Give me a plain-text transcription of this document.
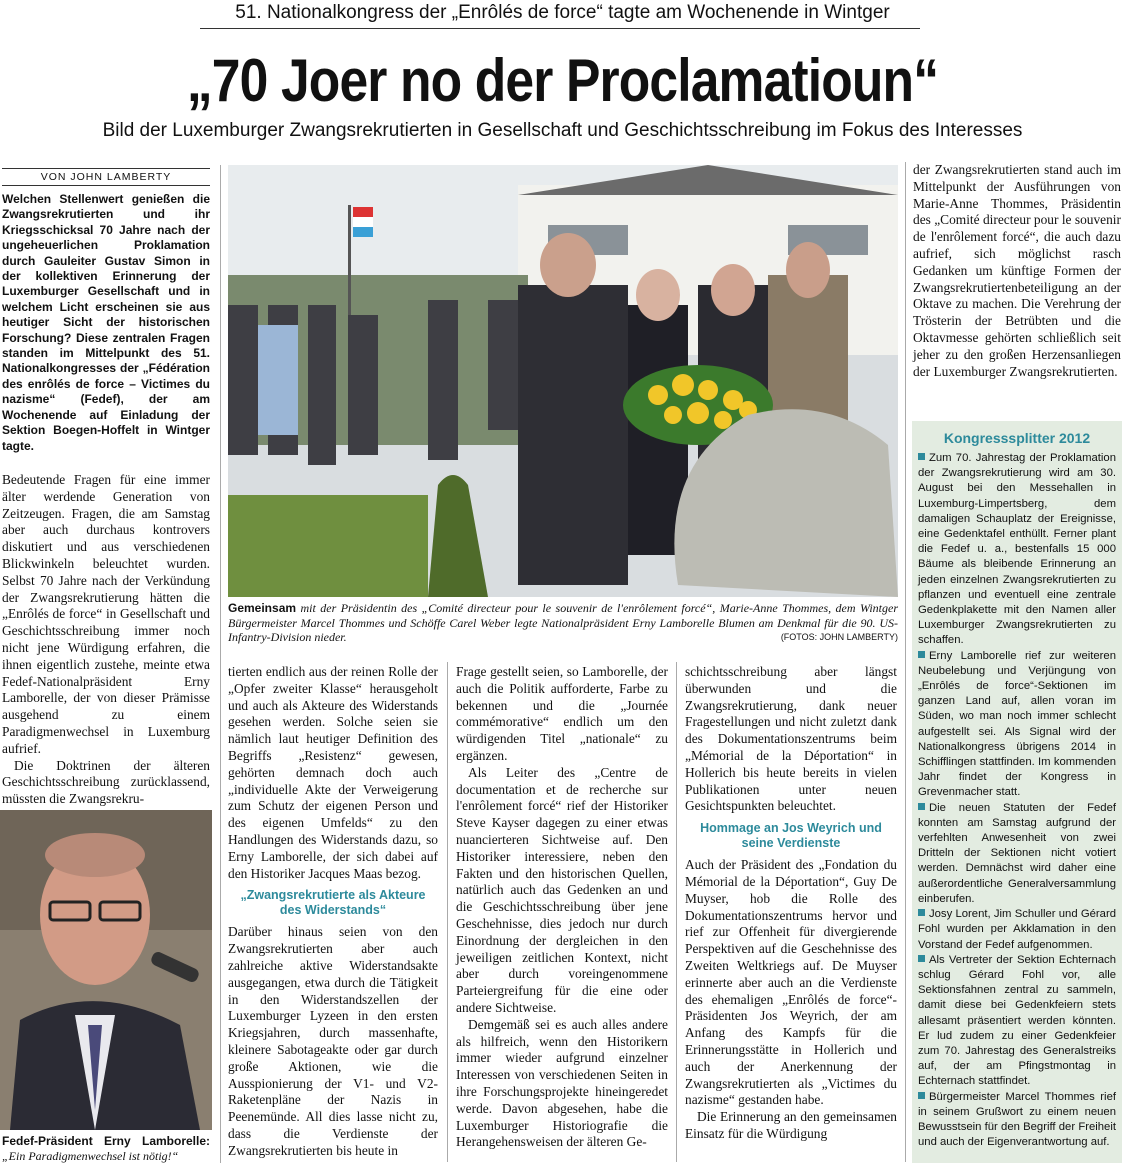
51. Nationalkongress der „Enrôlés de force“ tagte am Wochenende in Wintger
„70 Joer no der Proclamatioun“
Bild der Luxemburger Zwangsrekrutierten in Gesellschaft und Geschichtsschreibung im Fokus des Interesses
VON JOHN LAMBERTY
Welchen Stellenwert genießen die Zwangsrekrutierten und ihr Kriegsschicksal 70 Jahre nach der ungeheuerlichen Proklamation durch Gauleiter Gustav Simon in der kollektiven Erinnerung der Luxemburger Gesellschaft und in welchem Licht erscheinen sie aus heutiger Sicht der historischen Forschung? Diese zentralen Fragen standen im Mittelpunkt des 51. Nationalkongresses der „Fédération des enrôlés de force – Victimes du nazisme“ (Fedef), der am Wochenende auf Einladung der Sektion Boegen-Hoffelt in Wintger tagte.

Bedeutende Fragen für eine immer älter werdende Generation von Zeitzeugen. Fragen, die am Samstag aber auch durchaus kontrovers diskutiert und aus verschiedenen Blickwinkeln beleuchtet wurden. Selbst 70 Jahre nach der Verkündung der Zwangsrekrutierung hätten die „Enrôlés de force“ in Gesellschaft und Geschichtsschreibung immer noch nicht jene Würdigung erfahren, die ihnen eigentlich zustehe, meinte etwa Fedef-Nationalpräsident Erny Lamborelle, der von dieser Prämisse ausgehend zu einem Paradigmenwechsel in Luxemburg aufrief.

Die Doktrinen der älteren Geschichtsschreibung zurücklassend, müssten die Zwangsrekru-

Fedef-Präsident Erny Lamborelle: „Ein Paradigmenwechsel ist nötig!“
Gemeinsam mit der Präsidentin des „Comité directeur pour le souvenir de l'enrôlement forcé“, Marie-Anne Thommes, dem Wintger Bürgermeister Marcel Thommes und Schöffe Carel Weber legte Nationalpräsident Erny Lamborelle Blumen am Denkmal für die 90. US-Infantry-Division nieder.	(FOTOS: JOHN LAMBERTY)

tierten endlich aus der reinen Rolle der „Opfer zweiter Klasse“ herausgeholt und auch als Akteure des Widerstands gesehen werden. Solche seien sie nämlich laut heutiger Definition des Begriffs „Resistenz“ gewesen, gehörten demnach doch auch „individuelle Akte der Verweigerung zum Schutz der eigenen Person und des eigenen Umfelds“ zu den Handlungen des Widerstands dazu, so Erny Lamborelle, der sich dabei auf den Historiker Jacques Maas bezog.

„Zwangsrekrutierte als Akteure des Widerstands“

Darüber hinaus seien von den Zwangsrekrutierten aber auch zahlreiche aktive Widerstandsakte ausgegangen, etwa durch die Tätigkeit in den Widerstandszellen der Luxemburger Lyzeen in den ersten Kriegsjahren, durch massenhafte, kleinere Sabotageakte oder gar durch große Aktionen, wie die Ausspionierung der V1- und V2-Raketenpläne der Nazis in Peenemünde. All dies lasse nicht zu, dass die Verdienste der Zwangsrekrutierten bis heute in

Frage gestellt seien, so Lamborelle, der auch die Politik aufforderte, Farbe zu bekennen und die „Journée commémorative“ endlich um den würdigenden Titel „nationale“ zu ergänzen.

Als Leiter des „Centre de documentation et de recherche sur l'enrôlement forcé“ rief der Historiker Steve Kayser dagegen zu einer etwas nuancierteren Sichtweise auf. Den Historiker interessiere, neben den Fakten und den historischen Quellen, natürlich auch das Gedenken an und die Geschichtsschreibung über jene Geschehnisse, dies jedoch nur durch Einordnung der dergleichen in den jeweiligen zeitlichen Kontext, nicht aber durch voreingenommene Parteiergreifung für die eine oder andere Sichtweise.

Demgemäß sei es auch alles andere als hilfreich, wenn den Historikern immer wieder aufgrund einzelner Interessen von verschiedenen Seiten in ihre Forschungsprojekte hineingeredet werde. Davon abgesehen, habe die Luxemburger Historiografie die Herangehensweisen der älteren Ge-

schichtsschreibung aber längst überwunden und die Zwangsrekrutierung, dank neuer Fragestellungen und nicht zuletzt dank des Dokumentationszentrums beim „Mémorial de la Déportation“ in Hollerich bis heute bereits in vielen Publikationen unter neuen Gesichtspunkten beleuchtet.

Hommage an Jos Weyrich und seine Verdienste

Auch der Präsident des „Fondation du Mémorial de la Déportation“, Guy De Muyser, hob die Rolle des Dokumentationszentrums hervor und rief zur Offenheit für divergierende Perspektiven auf die Geschehnisse des Zweiten Weltkriegs auf. De Muyser erinnerte aber auch an die Verdienste des ehemaligen „Enrôlés de force“-Präsidenten Jos Weyrich, der am Anfang des Kampfs für die Erinnerungsstätte in Hollerich und auch der Anerkennung der Zwangsrekrutierten als „Victimes du nazisme“ gestanden habe.

Die Erinnerung an den gemeinsamen Einsatz für die Würdigung

der Zwangsrekrutierten stand auch im Mittelpunkt der Ausführungen von Marie-Anne Thommes, Präsidentin des „Comité directeur pour le souvenir de l'enrôlement forcé“, die auch dazu aufrief, sich möglichst rasch Gedanken um künftige Formen der Zwangsrekrutiertenbeteiligung an der Oktave zu machen. Die Verehrung der Trösterin der Betrübten und die Oktavmesse gehörten schließlich seit jeher zu den großen Herzensanliegen der Luxemburger Zwangsrekrutierten.

Kongresssplitter 2012

Zum 70. Jahrestag der Proklamation der Zwangsrekrutierung wird am 30. August bei den Messehallen in Luxemburg-Limpertsberg, dem damaligen Schauplatz der Ereignisse, eine Gedenktafel enthüllt. Ferner plant die Fedef u. a., bestenfalls 15 000 Bäume als bleibende Erinnerung an jeden einzelnen Zwangsrekrutierten zu pflanzen und eventuell eine zentrale Gedenkplakette mit den Namen aller Luxemburger Zwangsrekrutierten zu schaffen.

Erny Lamborelle rief zur weiteren Neubelebung und Verjüngung von „Enrôlés de force“-Sektionen im ganzen Land auf, allen voran im Süden, wo man noch immer schlecht aufgestellt sei. Als Signal wird der Nationalkongress übrigens 2014 in Schifflingen stattfinden. Im kommenden Jahr findet der Kongress in Grevenmacher statt.

Die neuen Statuten der Fedef konnten am Samstag aufgrund der verfehlten Anwesenheit von zwei Dritteln der Sektionen nicht votiert werden. Demnächst wird daher eine außerordentliche Generalversammlung einberufen.

Josy Lorent, Jim Schuller und Gérard Fohl wurden per Akklamation in den Vorstand der Fedef aufgenommen.

Als Vertreter der Sektion Echternach schlug Gérard Fohl vor, alle Sektionsfahnen zentral zu sammeln, damit diese bei Gedenkfeiern stets allesamt präsentiert werden könnten. Er lud zudem zu einer Gedenkfeier zum 70. Jahrestag des Generalstreiks auf, der am Pfingstmontag in Echternach stattfindet.

Bürgermeister Marcel Thommes rief in seinem Grußwort zu einem neuen Bewusstsein für den Begriff der Freiheit und auch der Eigenverantwortung auf.
